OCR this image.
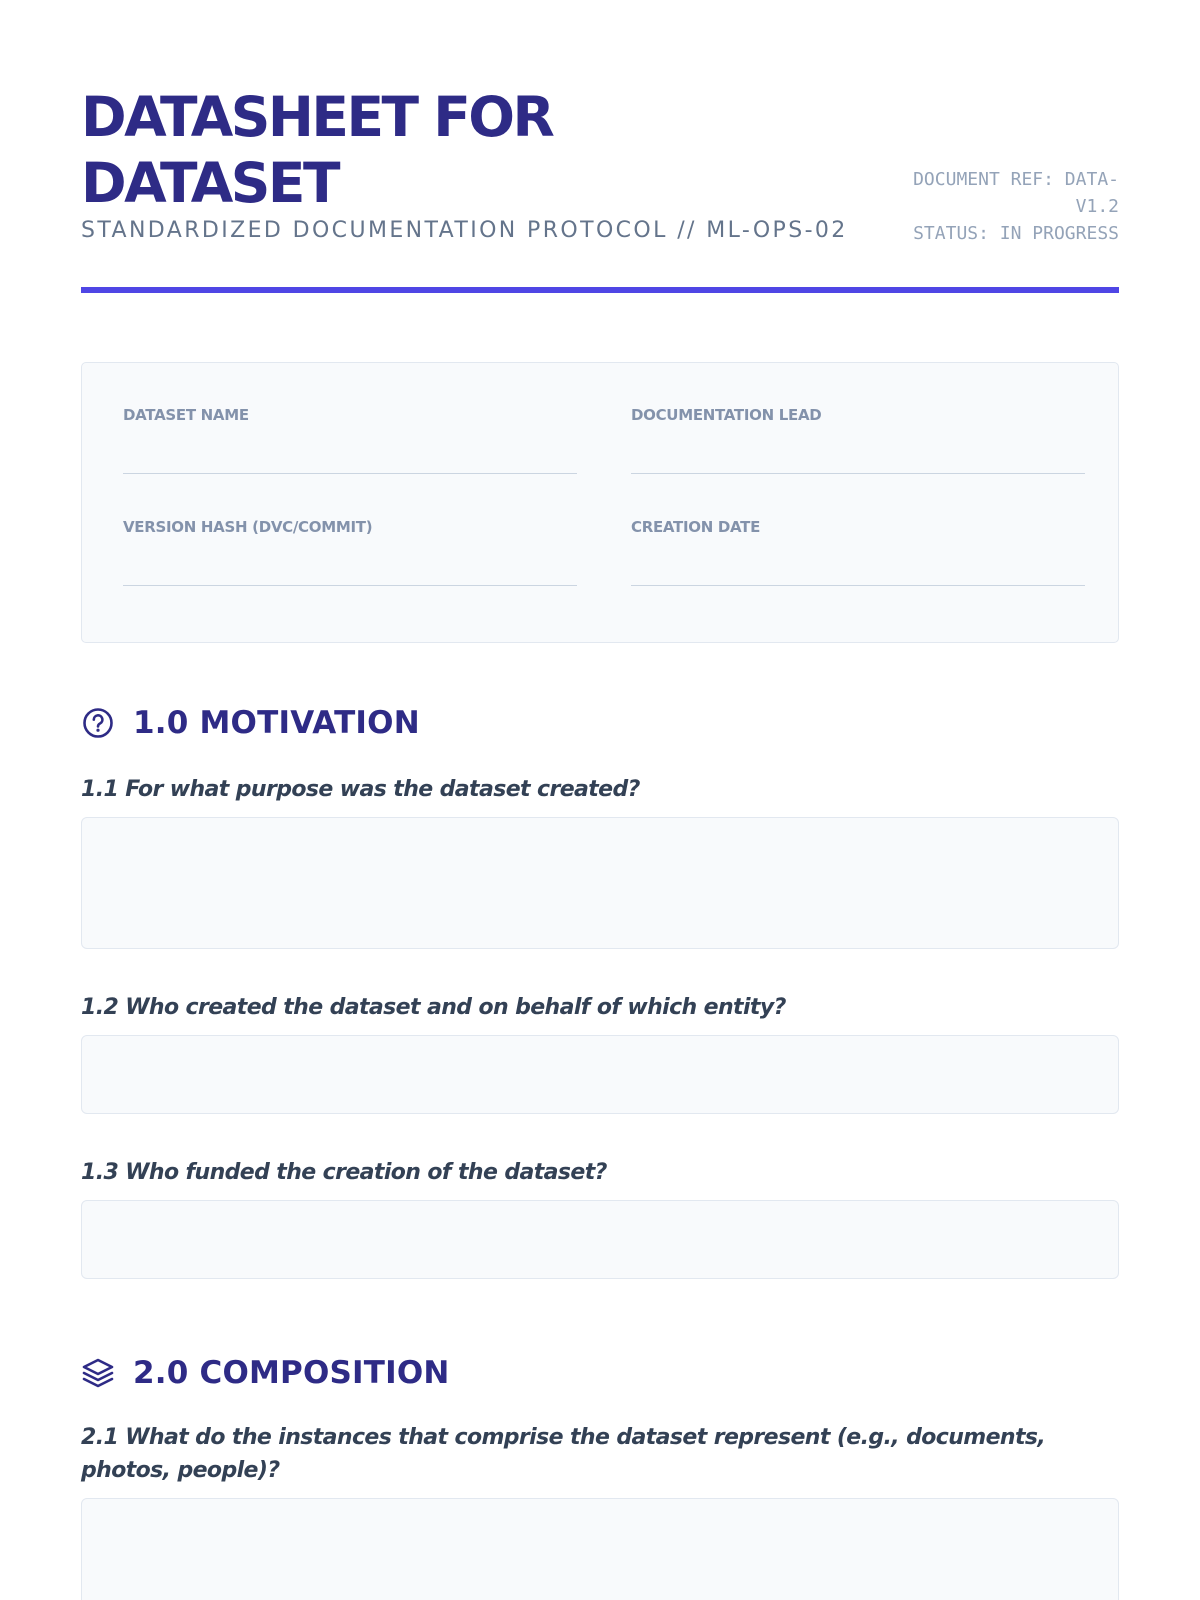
DATASHEET FOR DATASET
STANDARDIZED DOCUMENTATION PROTOCOL // ML-OPS-02
DOCUMENT REF: DATA-V1.2
STATUS: IN PROGRESS
DATASET NAME	DOCUMENTATION LEAD
VERSION HASH (DVC/COMMIT)	CREATION DATE
1.0 MOTIVATION
1.1 For what purpose was the dataset created?
1.2 Who created the dataset and on behalf of which entity?
1.3 Who funded the creation of the dataset?
2.0 COMPOSITION
2.1 What do the instances that comprise the dataset represent (e.g., documents, photos, people)?
